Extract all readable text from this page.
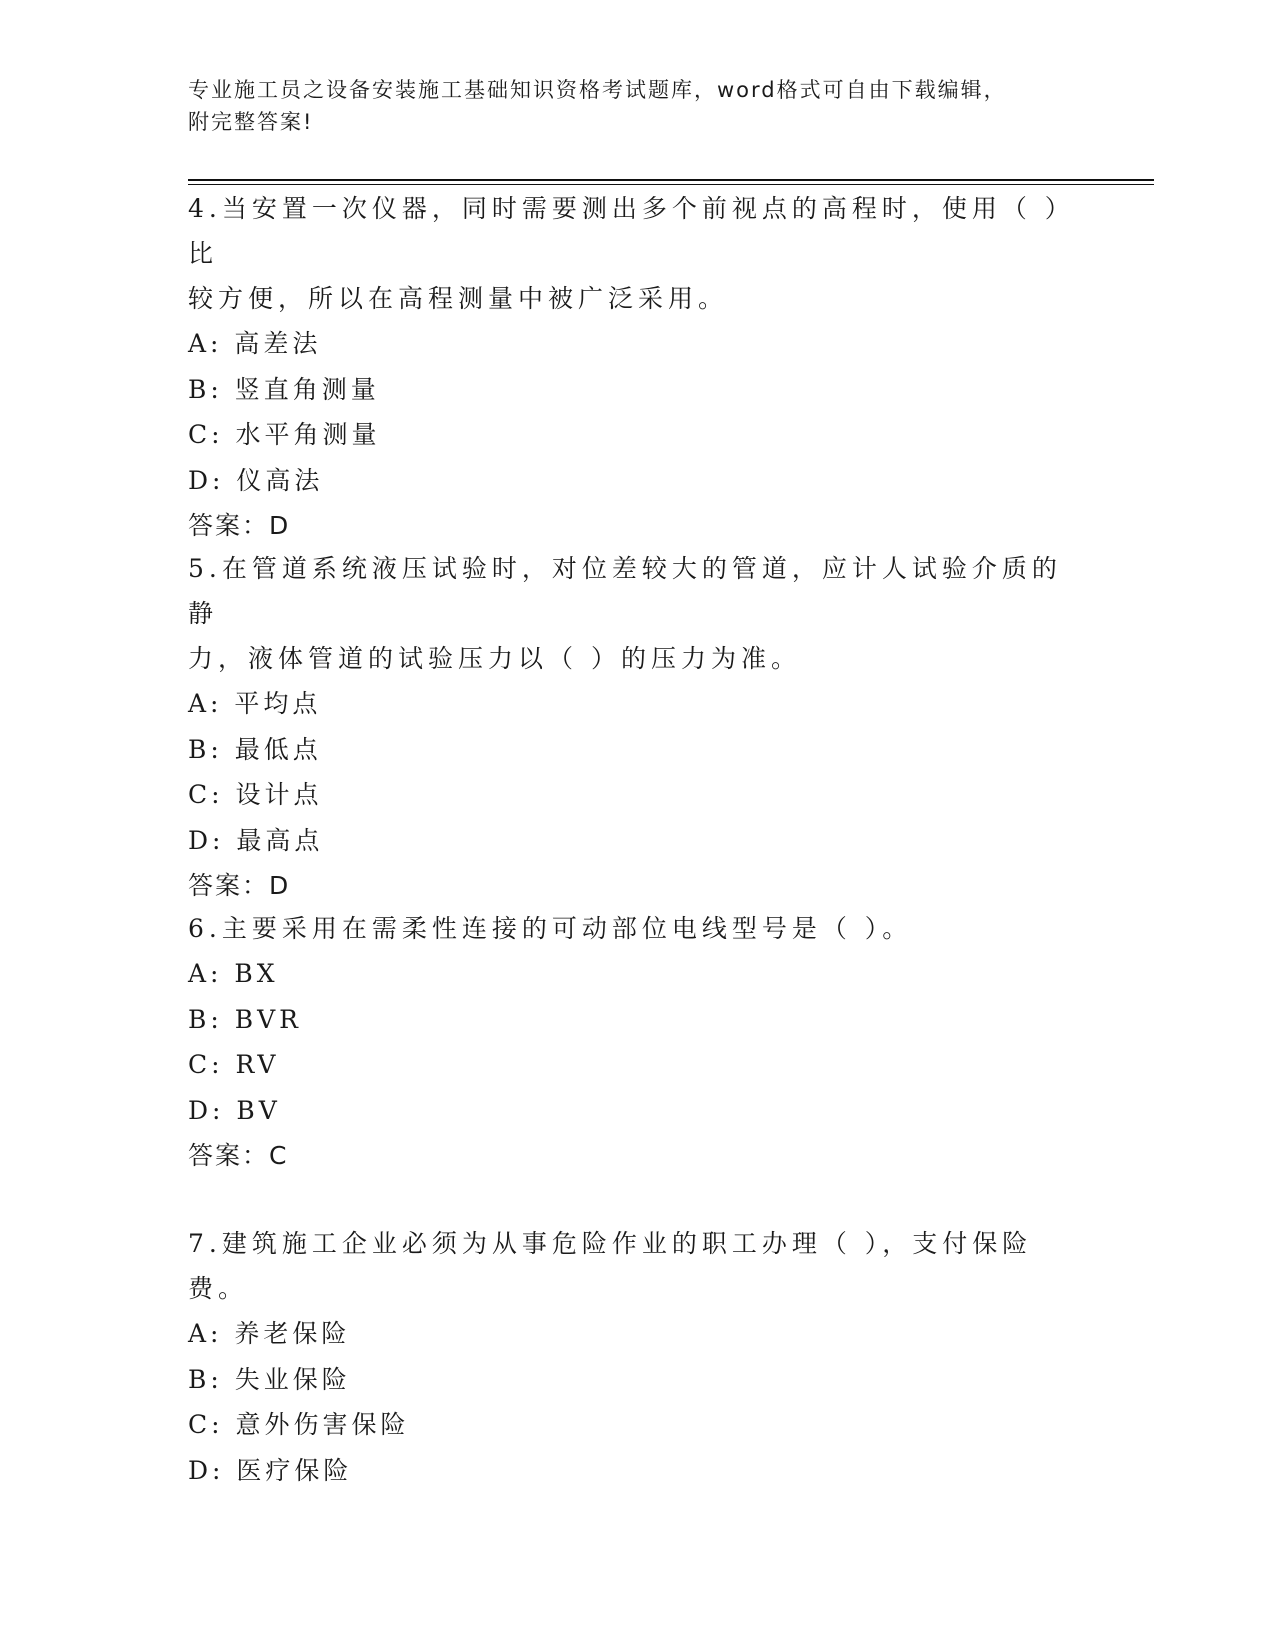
专业施工员之设备安装施工基础知识资格考试题库，word格式可自由下载编辑，
附完整答案!
4.当安置一次仪器，同时需要测出多个前视点的高程时，使用（ ）比
较方便，所以在高程测量中被广泛采用。
A: 高差法
B: 竖直角测量
C: 水平角测量
D: 仪高法
答案：D
5.在管道系统液压试验时，对位差较大的管道，应计人试验介质的静
力，液体管道的试验压力以（ ）的压力为准。
A: 平均点
B: 最低点
C: 设计点
D: 最高点
答案：D
6.主要采用在需柔性连接的可动部位电线型号是（ ）。
A: BX
B: BVR
C: RV
D: BV
答案：C
7.建筑施工企业必须为从事危险作业的职工办理（ ），支付保险费。
A: 养老保险
B: 失业保险
C: 意外伤害保险
D: 医疗保险
